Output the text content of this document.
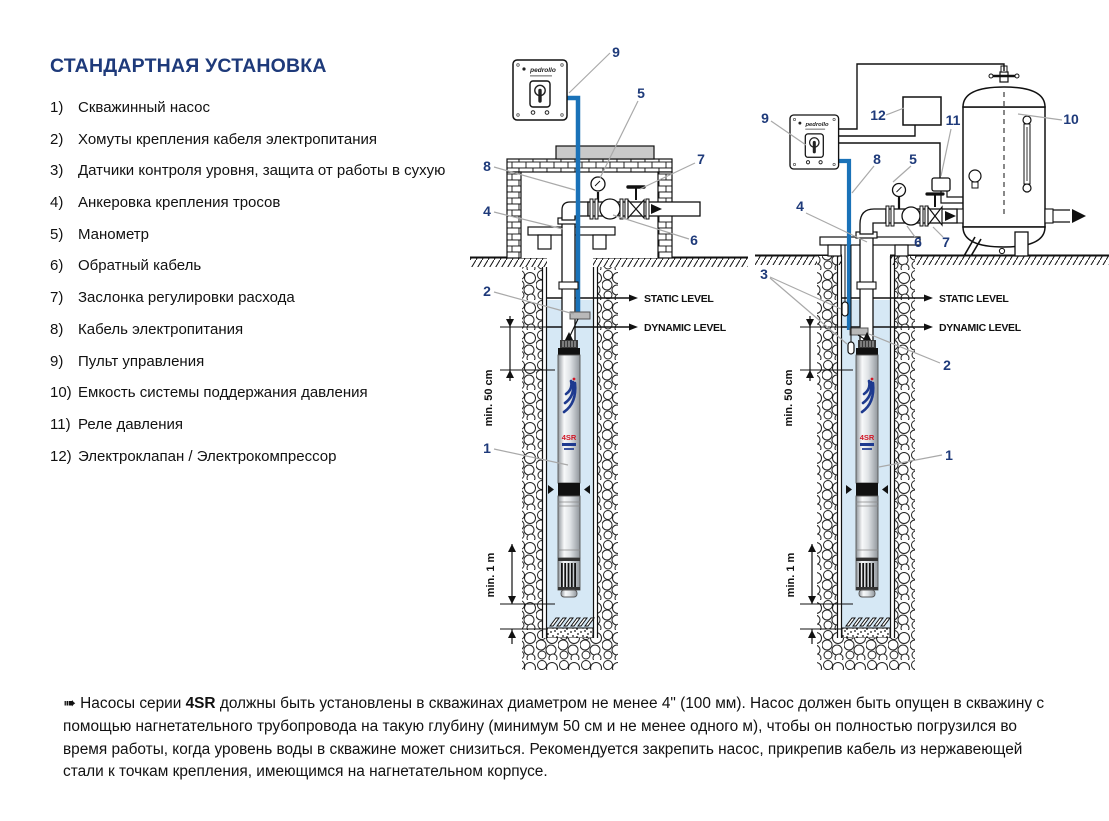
СТАНДАРТНАЯ УСТАНОВКА
1) Скважинный насос
2) Хомуты крепления кабеля электропитания
3) Датчики контроля уровня, защита от работы в сухую
4) Анкеровка крепления тросов
5) Манометр
6) Обратный кабель
7) Заслонка регулировки расхода
8) Кабель электропитания
9) Пульт управления
10) Емкость системы поддержания давления
11) Реле давления
12) Электроклапан / Электрокомпрессор
pedrollo
4SR
STATIC LEVEL
DYNAMIC LEVEL
min. 50 cm
min. 1 m
9
5
7
8
4
6
2
1
STATIC LEVEL
DYNAMIC LEVEL
min. 50 cm
min. 1 m
9	12	11	10
8 5
4
6 7
3
2
1

➠ Насосы серии 4SR должны быть установлены в скважинах диаметром не менее 4" (100 мм). Насос должен быть опущен в скважину с помощью нагнетательного трубопровода на такую глубину (минимум 50 см и не менее одного м), чтобы он полностью погрузился во время работы, когда уровень воды в скважине может снизиться. Рекомендуется закрепить насос, прикрепив кабель из нержавеющей стали к точкам крепления, имеющимся на нагнетательном корпусе.
